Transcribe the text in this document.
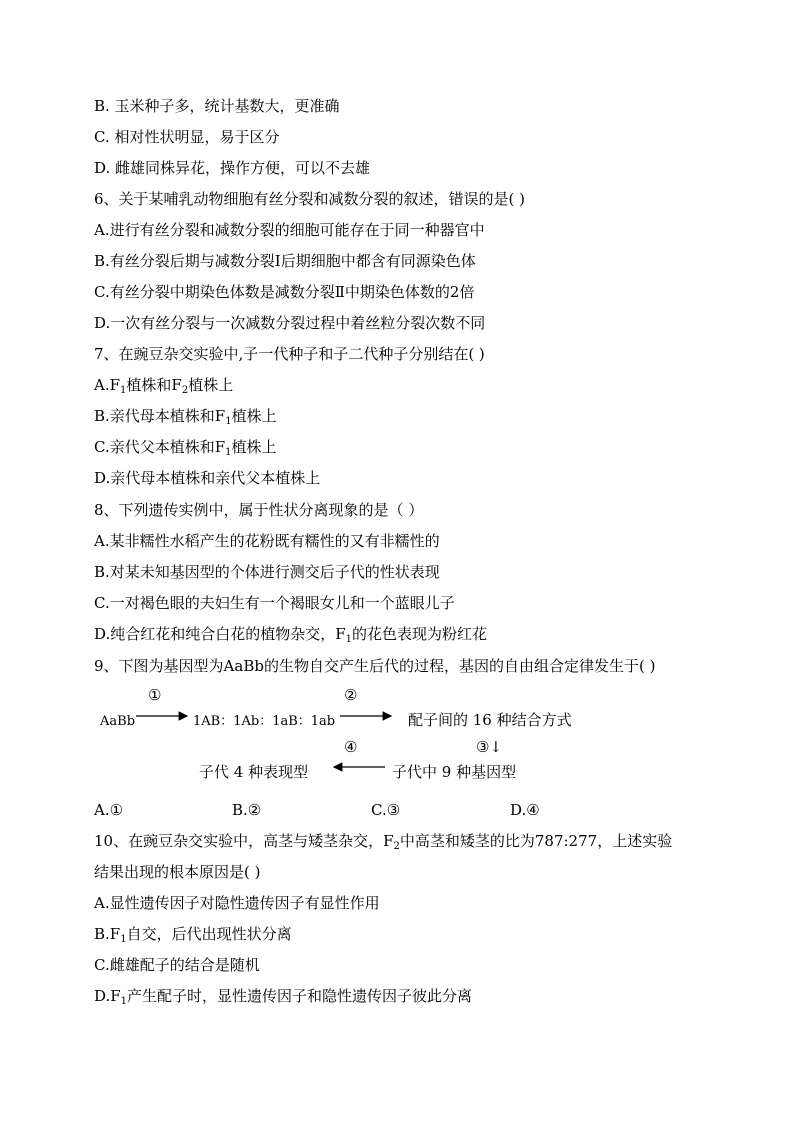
B. 玉米种子多，统计基数大，更准确
C. 相对性状明显，易于区分
D. 雌雄同株异花，操作方便，可以不去雄
6、关于某哺乳动物细胞有丝分裂和减数分裂的叙述，错误的是( )
A.进行有丝分裂和减数分裂的细胞可能存在于同一种器官中
B.有丝分裂后期与减数分裂Ⅰ后期细胞中都含有同源染色体
C.有丝分裂中期染色体数是减数分裂Ⅱ中期染色体数的2倍
D.一次有丝分裂与一次减数分裂过程中着丝粒分裂次数不同
7、在豌豆杂交实验中,子一代种子和子二代种子分别结在( )
$A.F_1$植株和$F_2$植株上
B.亲代母本植株和$F_1$植株上
C.亲代父本植株和$F_1$植株上
D.亲代母本植株和亲代父本植株上
8、下列遗传实例中，属于性状分离现象的是（ ）
A.某非糯性水稻产生的花粉既有糯性的又有非糯性的
B.对某未知基因型的个体进行测交后子代的性状表现
C.一对褐色眼的夫妇生有一个褐眼女儿和一个蓝眼儿子
D.纯合红花和纯合白花的植物杂交，$F_1$的花色表现为粉红花
9、下图为基因型为AaBb的生物自交产生后代的过程，基因的自由组合定律发生于( )
①
AaBb	1AB：1Ab：1aB：1ab
②
配子间的 16 种结合方式
④	③↓
子代中 9 种基因型
子代 4 种表现型
A.①	B.②	C.③	D.④
10、在豌豆杂交实验中，高茎与矮茎杂交，$F_2$中高茎和矮茎的比为787:277，上述实验
结果出现的根本原因是( )
A.显性遗传因子对隐性遗传因子有显性作用
$B.F_1$自交，后代出现性状分离
C.雌雄配子的结合是随机
$D.F_1$产生配子时，显性遗传因子和隐性遗传因子彼此分离
